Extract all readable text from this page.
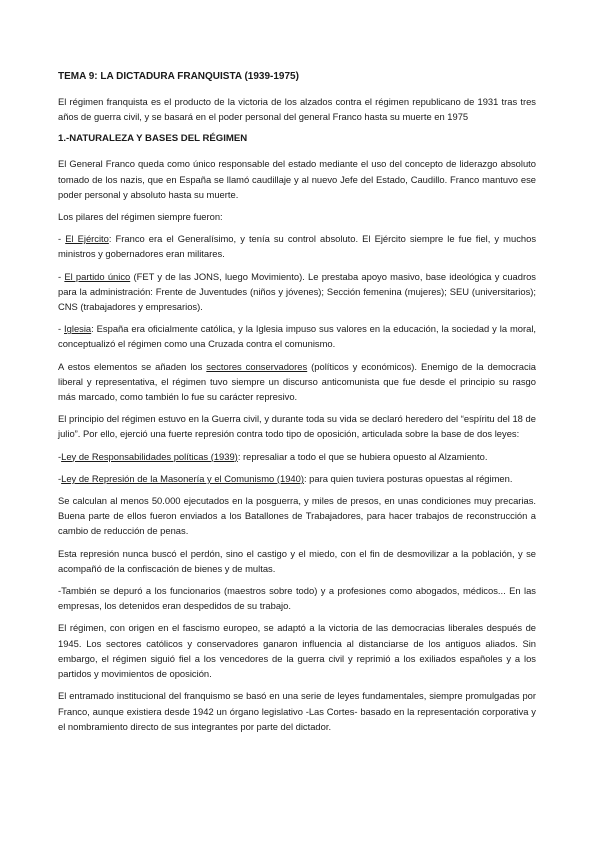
TEMA 9: LA DICTADURA FRANQUISTA (1939-1975)

El régimen franquista es el producto de la victoria de los alzados contra el régimen republicano de 1931 tras tres años de guerra civil, y se basará en el poder personal del general Franco hasta su muerte en 1975

1.-NATURALEZA Y BASES DEL RÉGIMEN

El General Franco queda como único responsable del estado mediante el uso del concepto de liderazgo absoluto tomado de los nazis, que en España se llamó caudillaje y al nuevo Jefe del Estado, Caudillo. Franco mantuvo ese poder personal y absoluto hasta su muerte.

Los pilares del régimen siempre fueron:

- El Ejército: Franco era el Generalísimo, y tenía su control absoluto. El Ejército siempre le fue fiel, y muchos ministros y gobernadores eran militares.

- El partido único (FET y de las JONS, luego Movimiento). Le prestaba apoyo masivo, base ideológica y cuadros para la administración: Frente de Juventudes (niños y jóvenes); Sección femenina (mujeres); SEU (universitarios); CNS (trabajadores y empresarios).

- Iglesia: España era oficialmente católica, y la Iglesia impuso sus valores en la educación, la sociedad y la moral, conceptualizó el régimen como una Cruzada contra el comunismo.

A estos elementos se añaden los sectores conservadores (políticos y económicos). Enemigo de la democracia liberal y representativa, el régimen tuvo siempre un discurso anticomunista que fue desde el principio su rasgo más marcado, como también lo fue su carácter represivo.

El principio del régimen estuvo en la Guerra civil, y durante toda su vida se declaró heredero del “espíritu del 18 de julio”. Por ello, ejerció una fuerte represión contra todo tipo de oposición, articulada sobre la base de dos leyes:

-Ley de Responsabilidades políticas (1939): represaliar a todo el que se hubiera opuesto al Alzamiento.

-Ley de Represión de la Masonería y el Comunismo (1940): para quien tuviera posturas opuestas al régimen.

Se calculan al menos 50.000 ejecutados en la posguerra, y miles de presos, en unas condiciones muy precarias. Buena parte de ellos fueron enviados a los Batallones de Trabajadores, para hacer trabajos de reconstrucción a cambio de reducción de penas.

Esta represión nunca buscó el perdón, sino el castigo y el miedo, con el fin de desmovilizar a la población, y se acompañó de la confiscación de bienes y de multas.

-También se depuró a los funcionarios (maestros sobre todo) y a profesiones como abogados, médicos... En las empresas, los detenidos eran despedidos de su trabajo.

El régimen, con origen en el fascismo europeo, se adaptó a la victoria de las democracias liberales después de 1945. Los sectores católicos y conservadores ganaron influencia al distanciarse de los antiguos aliados. Sin embargo, el régimen siguió fiel a los vencedores de la guerra civil y reprimió a los exiliados españoles y a los partidos y movimientos de oposición.

El entramado institucional del franquismo se basó en una serie de leyes fundamentales, siempre promulgadas por Franco, aunque existiera desde 1942 un órgano legislativo -Las Cortes- basado en la representación corporativa y el nombramiento directo de sus integrantes por parte del dictador.
